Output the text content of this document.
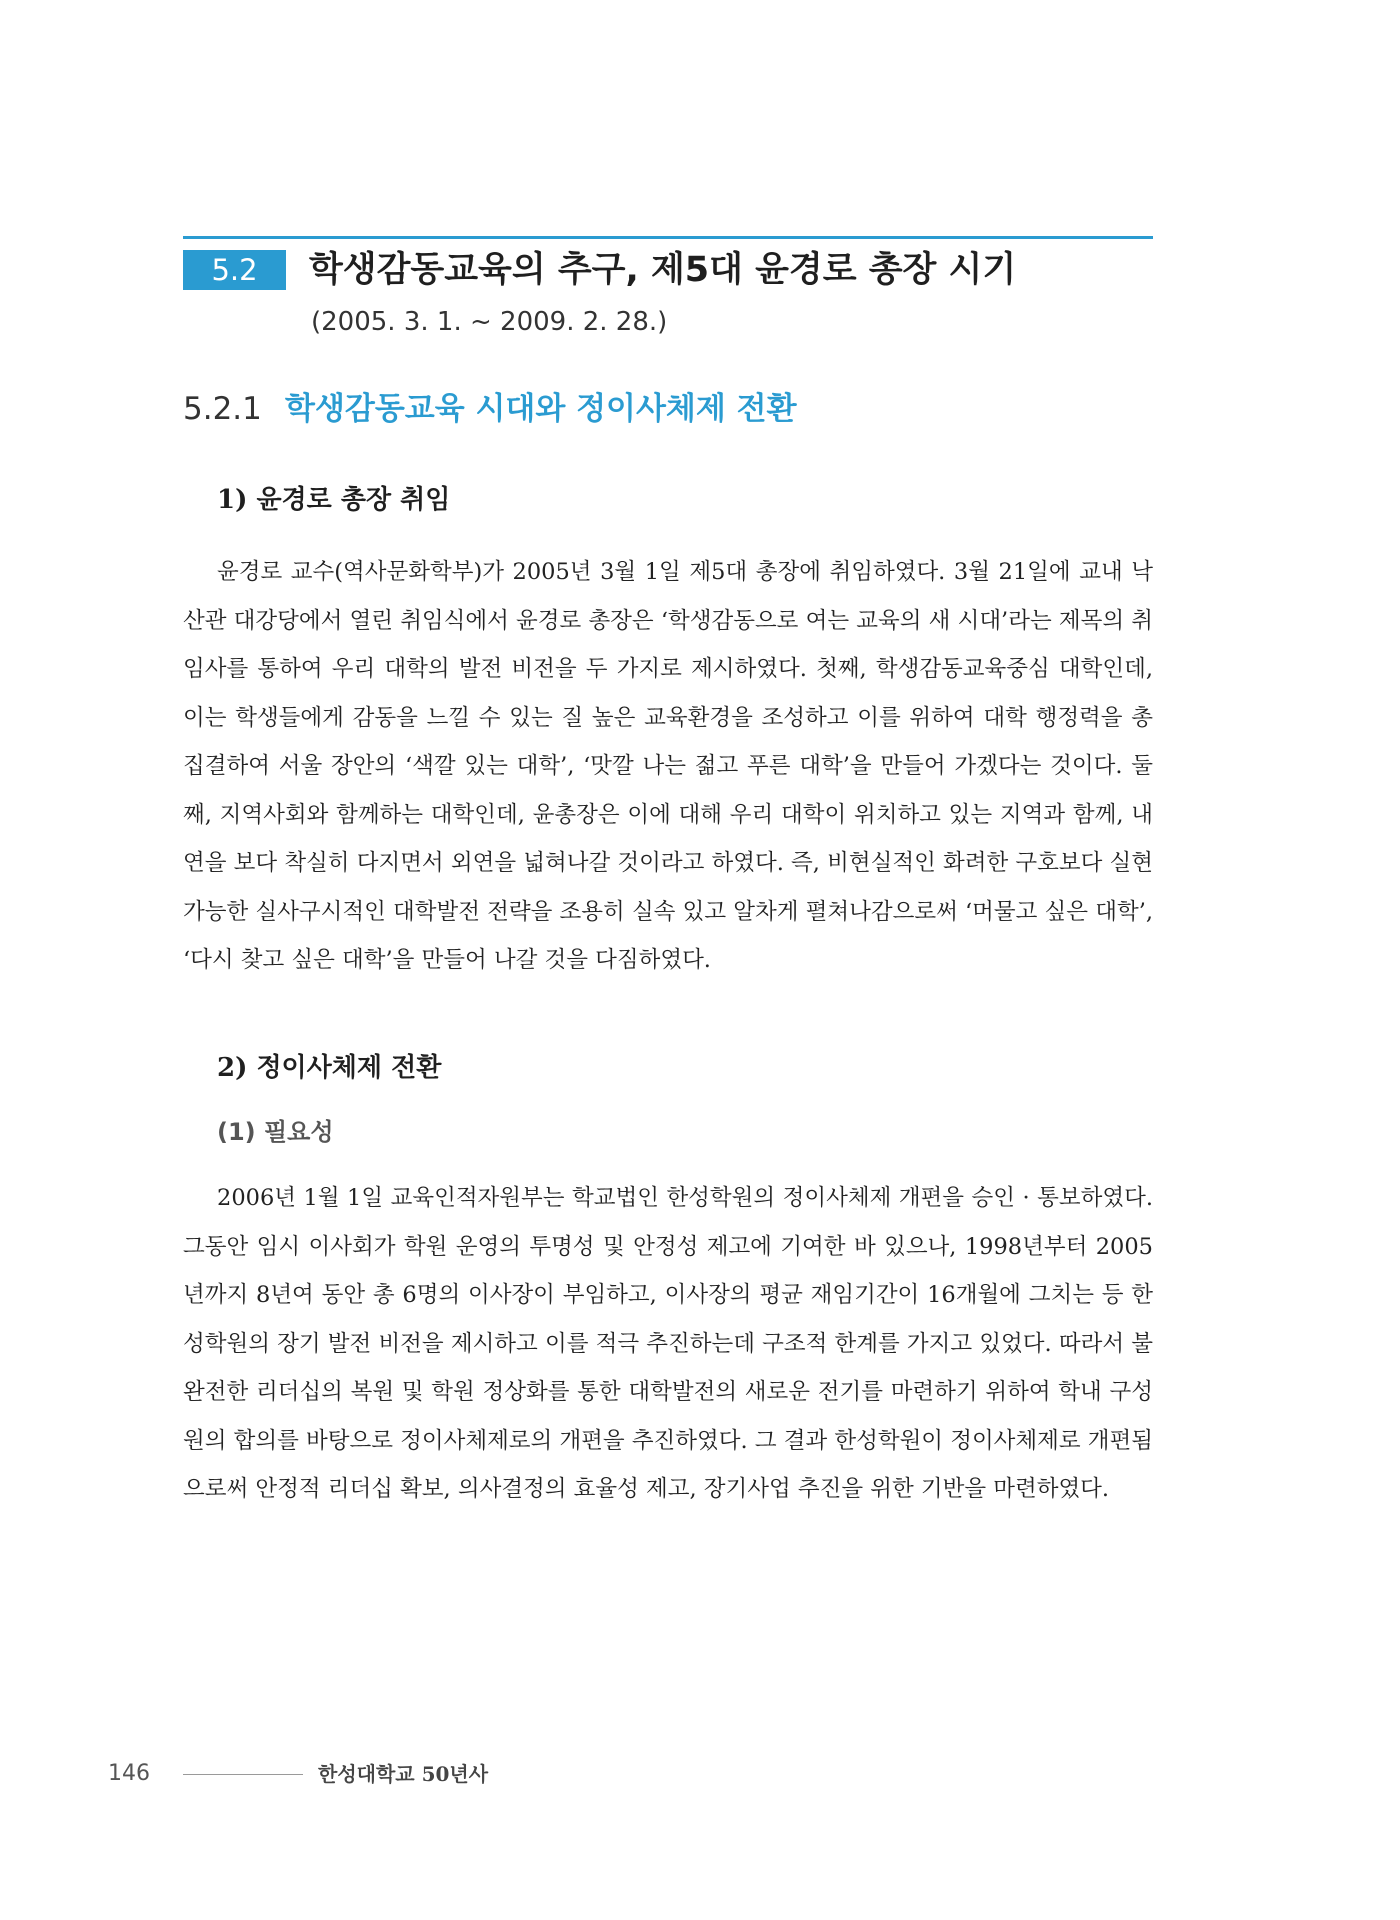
5.2	학생감동교육의 추구, 제5대 윤경로 총장 시기
(2005. 3. 1. ~ 2009. 2. 28.)
5.2.1 학생감동교육 시대와 정이사체제 전환
1) 윤경로 총장 취임

윤경로 교수(역사문화학부)가 2005년 3월 1일 제5대 총장에 취임하였다. 3월 21일에 교내 낙산관 대강당에서 열린 취임식에서 윤경로 총장은 ‘학생감동으로 여는 교육의 새 시대’라는 제목의 취임사를 통하여 우리 대학의 발전 비전을 두 가지로 제시하였다. 첫째, 학생감동교육중심 대학인데, 이는 학생들에게 감동을 느낄 수 있는 질 높은 교육환경을 조성하고 이를 위하여 대학 행정력을 총 집결하여 서울 장안의 ‘색깔 있는 대학’, ‘맛깔 나는 젊고 푸른 대학’을 만들어 가겠다는 것이다. 둘째, 지역사회와 함께하는 대학인데, 윤총장은 이에 대해 우리 대학이 위치하고 있는 지역과 함께, 내연을 보다 착실히 다지면서 외연을 넓혀나갈 것이라고 하였다. 즉, 비현실적인 화려한 구호보다 실현가능한 실사구시적인 대학발전 전략을 조용히 실속 있고 알차게 펼쳐나감으로써 ‘머물고 싶은 대학’, ‘다시 찾고 싶은 대학’을 만들어 나갈 것을 다짐하였다.

2) 정이사체제 전환
(1) 필요성

2006년 1월 1일 교육인적자원부는 학교법인 한성학원의 정이사체제 개편을 승인 · 통보하였다. 그동안 임시 이사회가 학원 운영의 투명성 및 안정성 제고에 기여한 바 있으나, 1998년부터 2005년까지 8년여 동안 총 6명의 이사장이 부임하고, 이사장의 평균 재임기간이 16개월에 그치는 등 한성학원의 장기 발전 비전을 제시하고 이를 적극 추진하는데 구조적 한계를 가지고 있었다. 따라서 불완전한 리더십의 복원 및 학원 정상화를 통한 대학발전의 새로운 전기를 마련하기 위하여 학내 구성원의 합의를 바탕으로 정이사체제로의 개편을 추진하였다. 그 결과 한성학원이 정이사체제로 개편됨으로써 안정적 리더십 확보, 의사결정의 효율성 제고, 장기사업 추진을 위한 기반을 마련하였다.

146	한성대학교 50년사
